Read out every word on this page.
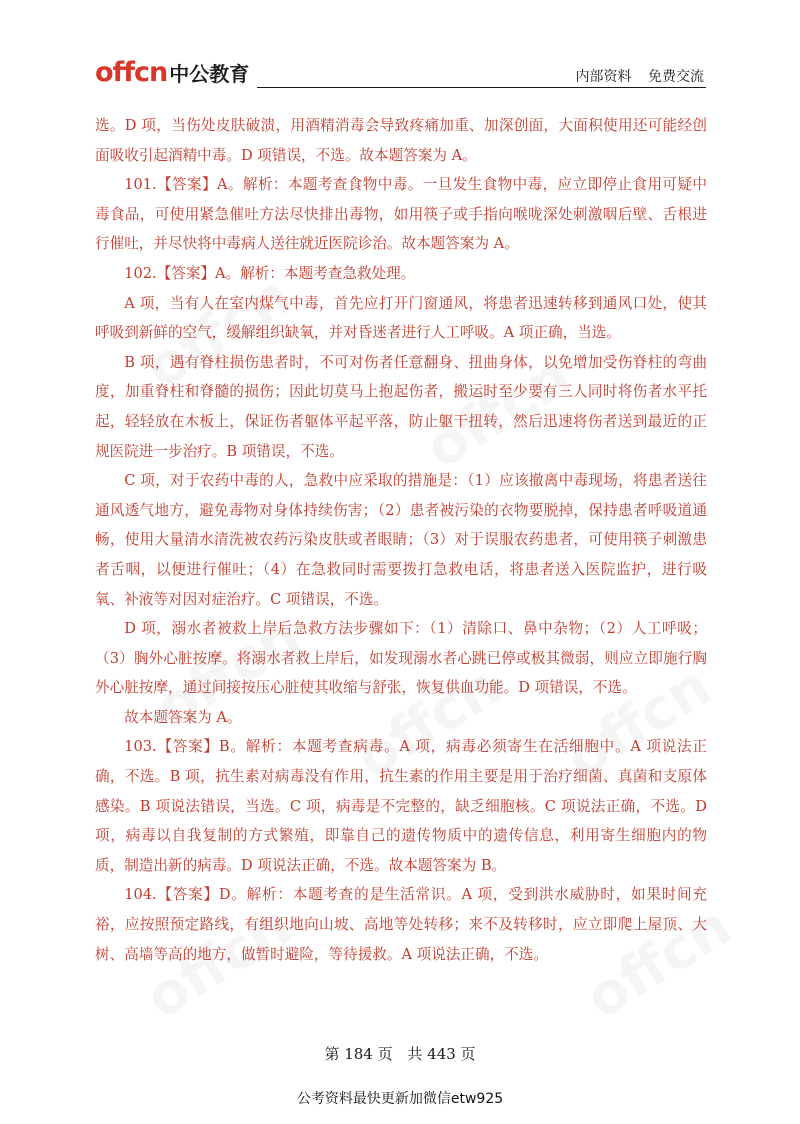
offcn 中公教育	内部资料 免费交流

选。D 项，当伤处皮肤破溃，用酒精消毒会导致疼痛加重、加深创面，大面积使用还可能经创面吸收引起酒精中毒。D 项错误，不选。故本题答案为 A。

101.【答案】A。解析：本题考查食物中毒。一旦发生食物中毒，应立即停止食用可疑中毒食品，可使用紧急催吐方法尽快排出毒物，如用筷子或手指向喉咙深处刺激咽后壁、舌根进行催吐，并尽快将中毒病人送往就近医院诊治。故本题答案为 A。

102.【答案】A。解析：本题考查急救处理。

A 项，当有人在室内煤气中毒，首先应打开门窗通风，将患者迅速转移到通风口处，使其呼吸到新鲜的空气，缓解组织缺氧，并对昏迷者进行人工呼吸。A 项正确，当选。

B 项，遇有脊柱损伤患者时，不可对伤者任意翻身、扭曲身体，以免增加受伤脊柱的弯曲度，加重脊柱和脊髓的损伤；因此切莫马上抱起伤者，搬运时至少要有三人同时将伤者水平托起，轻轻放在木板上，保证伤者躯体平起平落，防止躯干扭转，然后迅速将伤者送到最近的正规医院进一步治疗。B 项错误，不选。

C 项，对于农药中毒的人，急救中应采取的措施是：（1）应该撤离中毒现场，将患者送往通风透气地方，避免毒物对身体持续伤害；（2）患者被污染的衣物要脱掉，保持患者呼吸道通畅，使用大量清水清洗被农药污染皮肤或者眼睛；（3）对于误服农药患者，可使用筷子刺激患者舌咽，以便进行催吐；（4）在急救同时需要拨打急救电话，将患者送入医院监护，进行吸氧、补液等对因对症治疗。C 项错误，不选。

D 项，溺水者被救上岸后急救方法步骤如下：（1）清除口、鼻中杂物；（2）人工呼吸；（3）胸外心脏按摩。将溺水者救上岸后，如发现溺水者心跳已停或极其微弱，则应立即施行胸外心脏按摩，通过间接按压心脏使其收缩与舒张，恢复供血功能。D 项错误，不选。

故本题答案为 A。

103.【答案】B。解析：本题考查病毒。A 项，病毒必须寄生在活细胞中。A 项说法正确，不选。B 项，抗生素对病毒没有作用，抗生素的作用主要是用于治疗细菌、真菌和支原体感染。B 项说法错误，当选。C 项，病毒是不完整的，缺乏细胞核。C 项说法正确，不选。D 项，病毒以自我复制的方式繁殖，即靠自己的遗传物质中的遗传信息，利用寄生细胞内的物质，制造出新的病毒。D 项说法正确，不选。故本题答案为 B。

104.【答案】D。解析：本题考查的是生活常识。A 项，受到洪水威胁时，如果时间充裕，应按照预定路线，有组织地向山坡、高地等处转移；来不及转移时，应立即爬上屋顶、大树、高墙等高的地方，做暂时避险，等待援救。A 项说法正确，不选。

第 184 页 共 443 页
公考资料最快更新加微信etw925
